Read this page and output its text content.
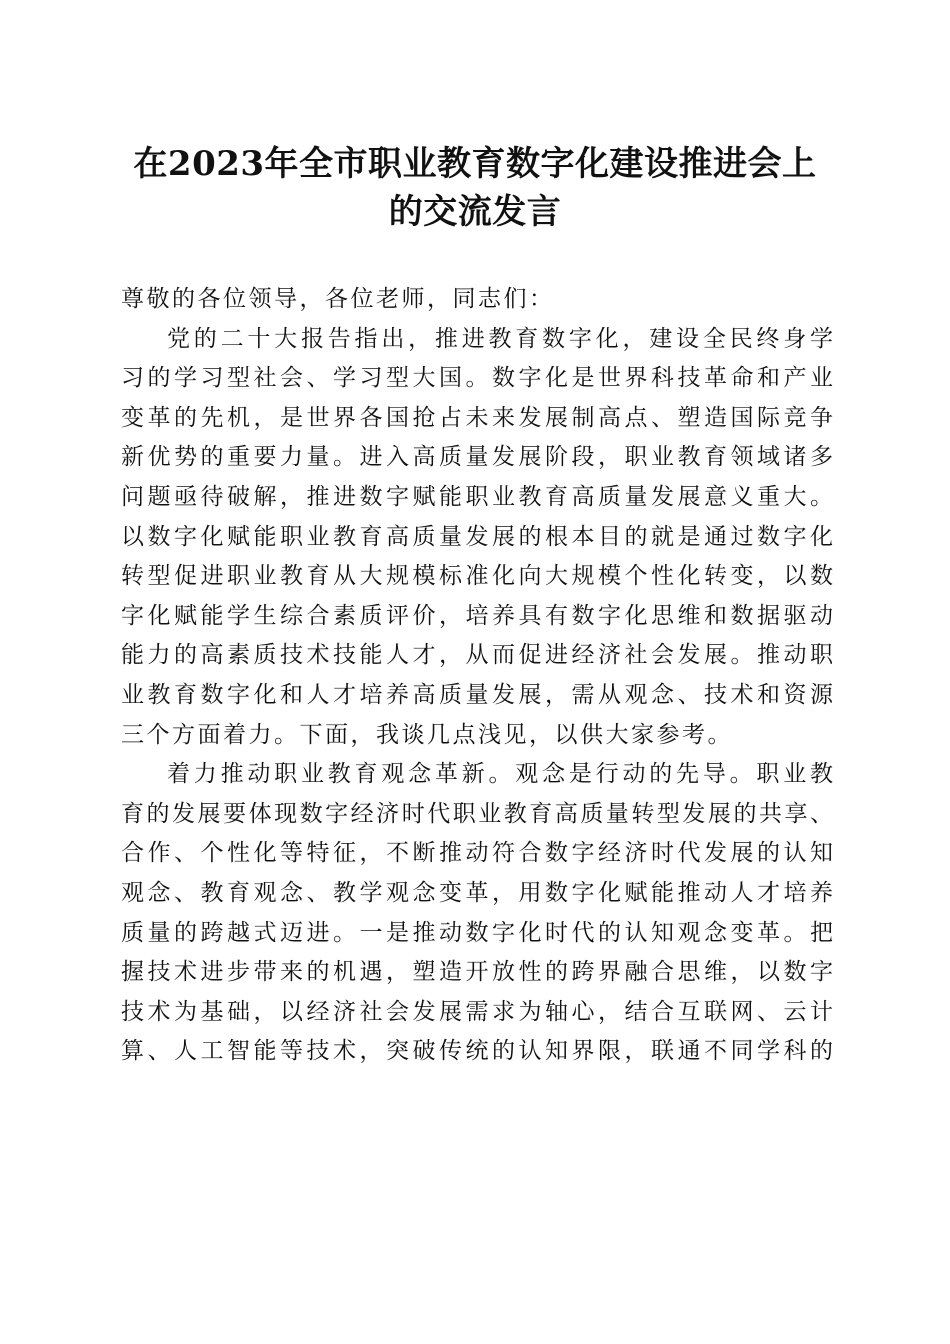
在2023年全市职业教育数字化建设推进会上
的交流发言
尊敬的各位领导，各位老师，同志们：
党的二十大报告指出，推进教育数字化，建设全民终身学
习的学习型社会、学习型大国。数字化是世界科技革命和产业
变革的先机，是世界各国抢占未来发展制高点、塑造国际竞争
新优势的重要力量。进入高质量发展阶段，职业教育领域诸多
问题亟待破解，推进数字赋能职业教育高质量发展意义重大。
以数字化赋能职业教育高质量发展的根本目的就是通过数字化
转型促进职业教育从大规模标准化向大规模个性化转变，以数
字化赋能学生综合素质评价，培养具有数字化思维和数据驱动
能力的高素质技术技能人才，从而促进经济社会发展。推动职
业教育数字化和人才培养高质量发展，需从观念、技术和资源
三个方面着力。下面，我谈几点浅见，以供大家参考。
着力推动职业教育观念革新。观念是行动的先导。职业教
育的发展要体现数字经济时代职业教育高质量转型发展的共享、
合作、个性化等特征，不断推动符合数字经济时代发展的认知
观念、教育观念、教学观念变革，用数字化赋能推动人才培养
质量的跨越式迈进。一是推动数字化时代的认知观念变革。把
握技术进步带来的机遇，塑造开放性的跨界融合思维，以数字
技术为基础，以经济社会发展需求为轴心，结合互联网、云计
算、人工智能等技术，突破传统的认知界限，联通不同学科的
